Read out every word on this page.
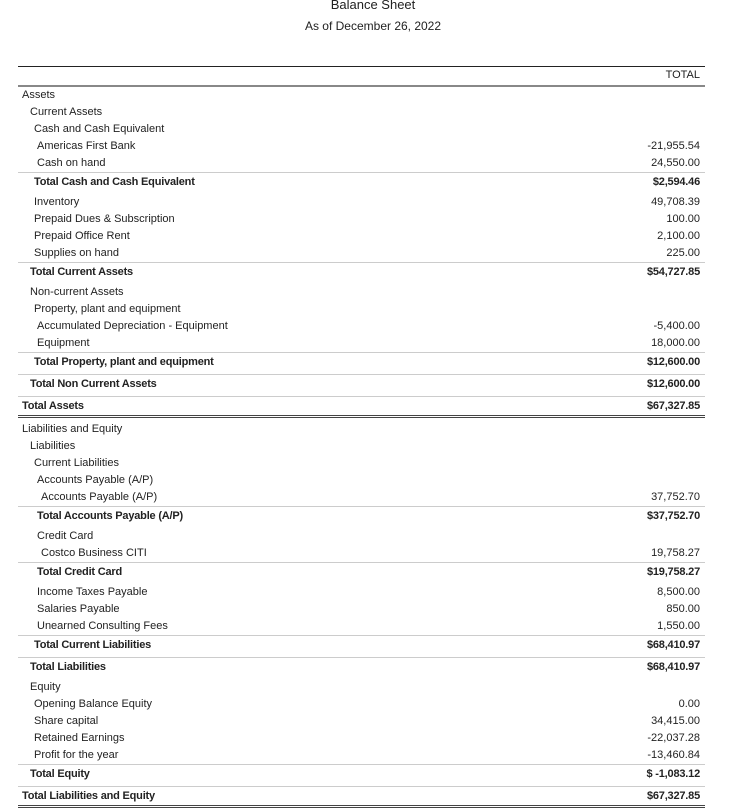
Balance Sheet
As of December 26, 2022
TOTAL
Assets
Current Assets
Cash and Cash Equivalent
Americas First Bank	-21,955.54
Cash on hand	24,550.00
Total Cash and Cash Equivalent	$2,594.46
Inventory	49,708.39
Prepaid Dues & Subscription	100.00
Prepaid Office Rent	2,100.00
Supplies on hand	225.00
Total Current Assets	$54,727.85
Non-current Assets
Property, plant and equipment
Accumulated Depreciation - Equipment	-5,400.00
Equipment	18,000.00
Total Property, plant and equipment	$12,600.00
Total Non Current Assets	$12,600.00
Total Assets	$67,327.85
Liabilities and Equity
Liabilities
Current Liabilities
Accounts Payable (A/P)
Accounts Payable (A/P)	37,752.70
Total Accounts Payable (A/P)	$37,752.70
Credit Card
Costco Business CITI	19,758.27
Total Credit Card	$19,758.27
Income Taxes Payable	8,500.00
Salaries Payable	850.00
Unearned Consulting Fees	1,550.00
Total Current Liabilities	$68,410.97
Total Liabilities	$68,410.97
Equity
Opening Balance Equity	0.00
Share capital	34,415.00
Retained Earnings	-22,037.28
Profit for the year	-13,460.84
Total Equity	$ -1,083.12
Total Liabilities and Equity	$67,327.85
